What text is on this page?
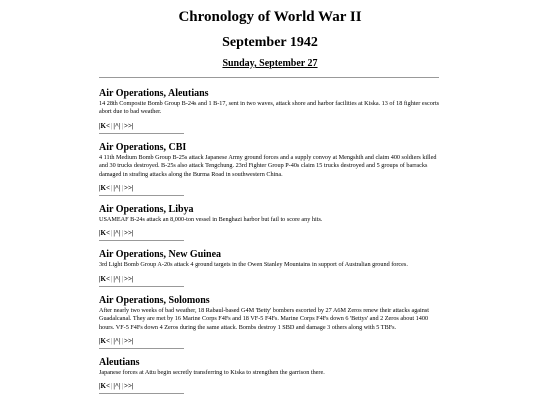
Chronology of World War II
September 1942
Sunday, September 27
Air Operations, Aleutians

14 28th Composite Bomb Group B-24s and 1 B-17, sent in two waves, attack shore and harbor facilities at Kiska. 13 of 18 fighter escorts abort due to bad weather.

|K<||^||>>|
Air Operations, CBI

4 11th Medium Bomb Group B-25s attack Japanese Army ground forces and a supply convoy at Mengshih and claim 400 soldiers killed and 30 trucks destroyed. B-25s also attack Tengchung. 23rd Fighter Group P-40s claim 15 trucks destroyed and 5 groups of barracks damaged in strafing attacks along the Burma Road in southwestern China.

|K<||^||>>|
Air Operations, Libya

USAMEAF B-24s attack an 8,000-ton vessel in Benghazi harbor but fail to score any hits.

|K<||^||>>|
Air Operations, New Guinea

3rd Light Bomb Group A-20s attack 4 ground targets in the Owen Stanley Mountains in support of Australian ground forces.

|K<||^||>>|
Air Operations, Solomons

After nearly two weeks of bad weather, 18 Rabaul-based G4M 'Betty' bombers escorted by 27 A6M Zeros renew their attacks against Guadalcanal. They are met by 16 Marine Corps F4Fs and 18 VF-5 F4Fs. Marine Corps F4Fs down 6 'Bettys' and 2 Zeros about 1400 hours. VF-5 F4Fs down 4 Zeros during the same attack. Bombs destroy 1 SBD and damage 3 others along with 5 TBFs.

|K<||^||>>|
Aleutians

Japanese forces at Attu begin secretly transferring to Kiska to strengthen the garrison there.

|K<||^||>>|
